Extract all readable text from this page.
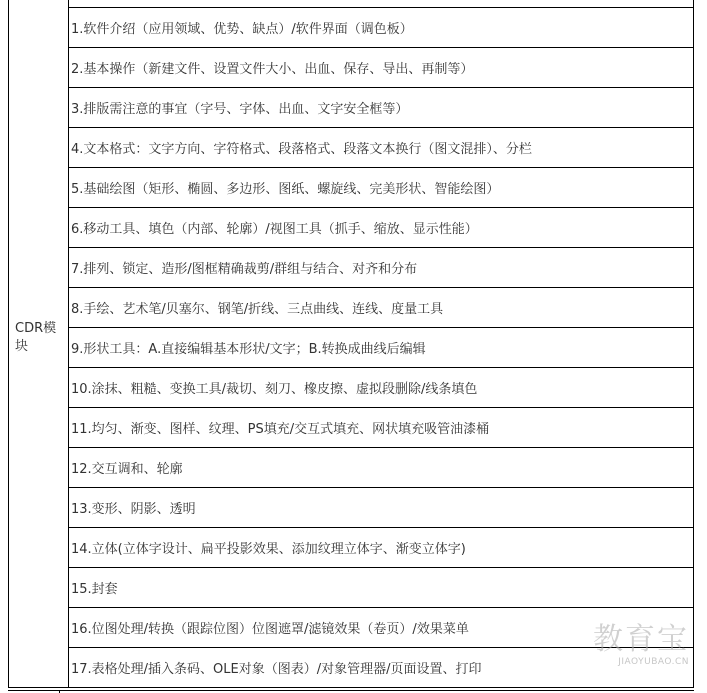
CDR模块

1.软件介绍（应用领域、优势、缺点）/软件界面（调色板）
2.基本操作（新建文件、设置文件大小、出血、保存、导出、再制等）
3.排版需注意的事宜（字号、字体、出血、文字安全框等）
4.文本格式：文字方向、字符格式、段落格式、段落文本换行（图文混排）、分栏
5.基础绘图（矩形、椭圆、多边形、图纸、螺旋线、完美形状、智能绘图）
6.移动工具、填色（内部、轮廓）/视图工具（抓手、缩放、显示性能）
7.排列、锁定、造形/图框精确裁剪/群组与结合、对齐和分布
8.手绘、艺术笔/贝塞尔、钢笔/折线、三点曲线、连线、度量工具
9.形状工具：A.直接编辑基本形状/文字；B.转换成曲线后编辑
10.涂抹、粗糙、变换工具/裁切、刻刀、橡皮擦、虚拟段删除/线条填色
11.均匀、渐变、图样、纹理、PS填充/交互式填充、网状填充吸管油漆桶
12.交互调和、轮廓
13.变形、阴影、透明
14.立体(立体字设计、扁平投影效果、添加纹理立体字、渐变立体字)
15.封套
16.位图处理/转换（跟踪位图）位图遮罩/滤镜效果（卷页）/效果菜单
17.表格处理/插入条码、OLE对象（图表）/对象管理器/页面设置、打印
教育宝
JIAOYUBAO.CN
